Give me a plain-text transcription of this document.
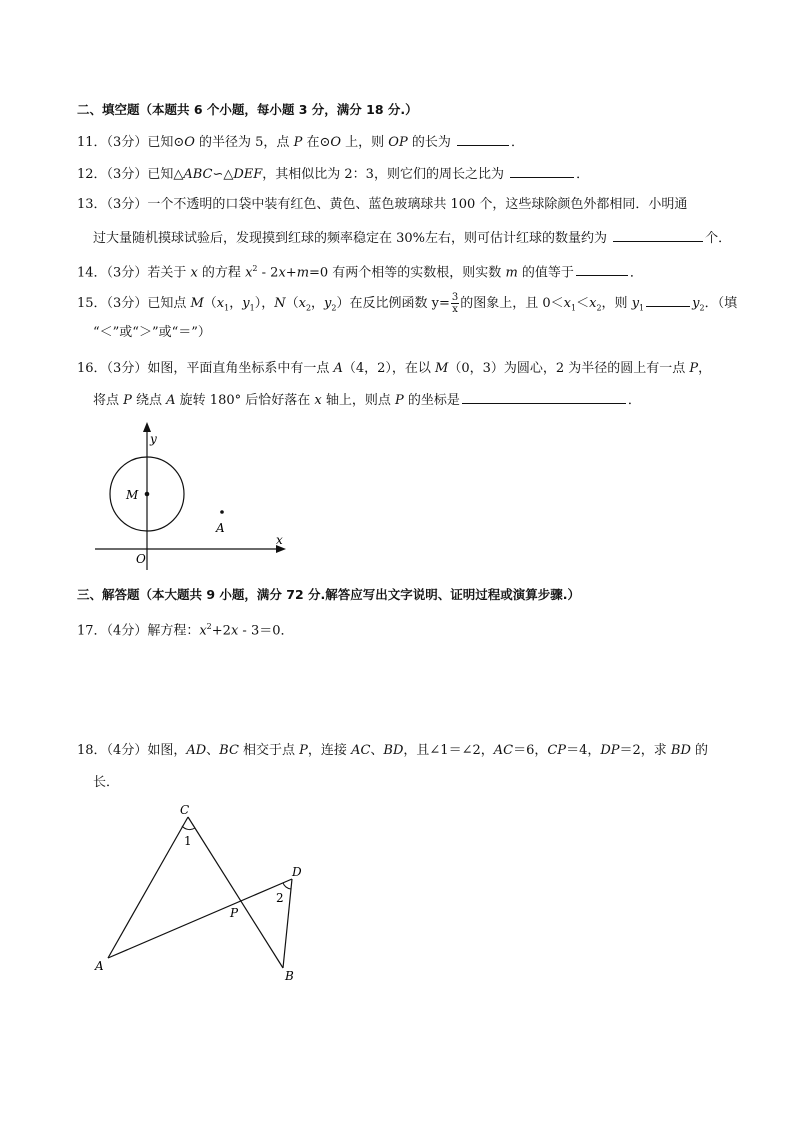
二、填空题（本题共 6 个小题，每小题 3 分，满分 18 分.）
11．（3分）已知⊙O 的半径为 5，点 P 在⊙O 上，则 OP 的长为	．
12．（3分）已知△ABC∽△DEF，其相似比为 2：3，则它们的周长之比为	．
13．（3分）一个不透明的口袋中装有红色、黄色、蓝色玻璃球共 100 个，这些球除颜色外都相同．小明通
过大量随机摸球试验后，发现摸到红球的频率稳定在 30%左右，则可估计红球的数量约为	个．
14．（3分）若关于 x 的方程 $x^2 - 2x+m=0$ 有两个相等的实数根，则实数 m 的值等于	．
15．（3分）已知点 $M(x_1$，$y_1$），$N(x_2$，$y_2$）在反比例函数 $y= \frac{3}{x}$ 的图象上，且 $0<x_1<x_2$，则 $y_1$	$y_2$．（填
“＜”或“＞”或“＝”）
16．（3分）如图，平面直角坐标系中有一点 A（4，2），在以 M（0，3）为圆心，2 为半径的圆上有一点 P，
将点 P 绕点 A 旋转 180° 后恰好落在 x 轴上，则点 P 的坐标是	．
y
x
M
O
A
C
D
A
B
P
1
2
三、解答题（本大题共 9 小题，满分 72 分.解答应写出文字说明、证明过程或演算步骤.）
17．（4分）解方程：$x^2+2x - 3=0$．
18．（4分）如图，AD、BC 相交于点 P，连接 AC、BD，且∠1＝∠2，AC＝6，CP＝4，DP＝2，求 BD 的
长．
